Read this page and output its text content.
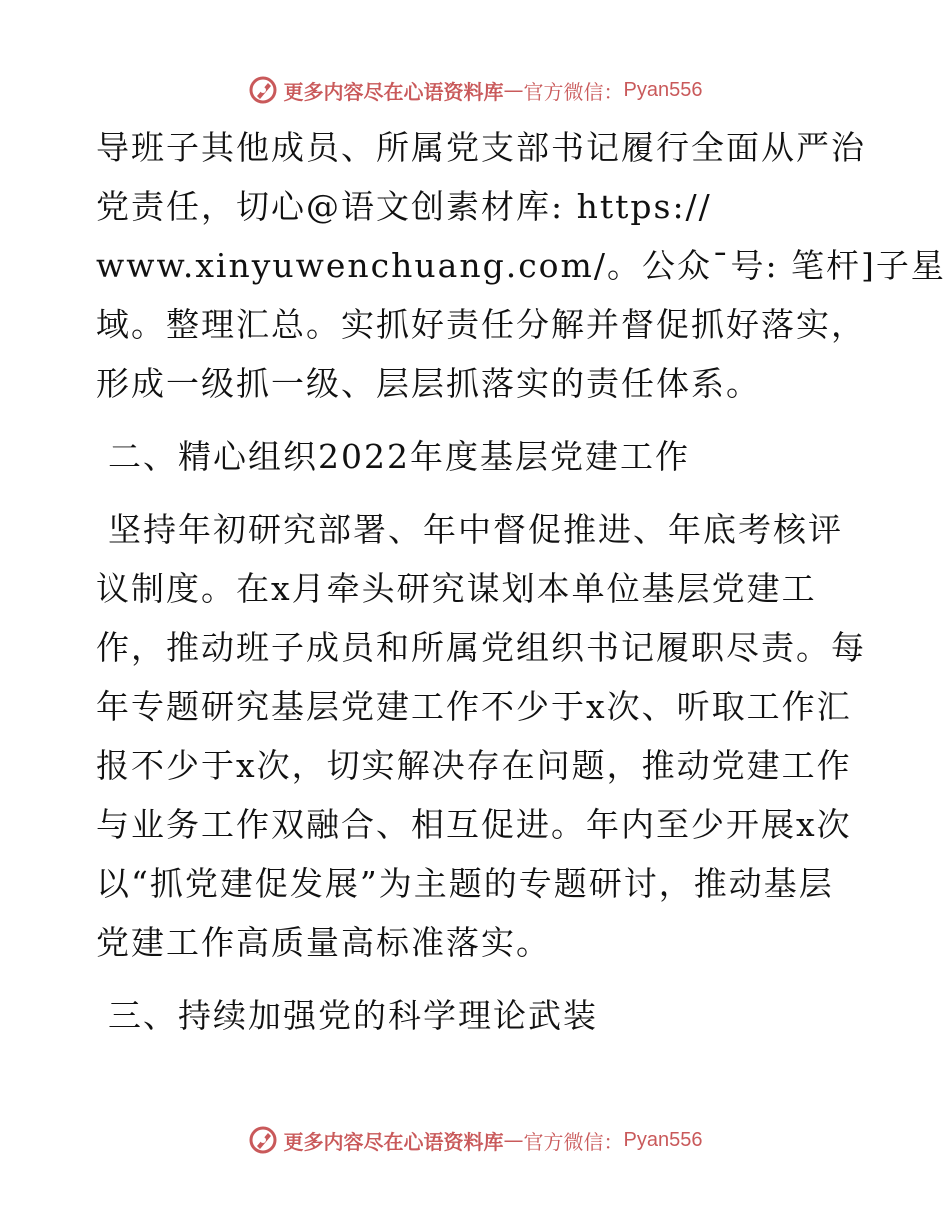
更多内容尽在心语资料库 — 官方微信： Pyan556
导班子其他成员、所属党支部书记履行全面从严治
党责任，切心@语文创素材库: https://
www.xinyuwenchuang.com/。公众¯号: 笔杆]子星
域。整理汇总。实抓好责任分解并督促抓好落实，
形成一级抓一级、层层抓落实的责任体系。
二、精心组织2022年度基层党建工作
坚持年初研究部署、年中督促推进、年底考核评
议制度。在x月牵头研究谋划本单位基层党建工
作，推动班子成员和所属党组织书记履职尽责。每
年专题研究基层党建工作不少于x次、听取工作汇
报不少于x次，切实解决存在问题，推动党建工作
与业务工作双融合、相互促进。年内至少开展x次
以“抓党建促发展”为主题的专题研讨，推动基层
党建工作高质量高标准落实。
三、持续加强党的科学理论武装
更多内容尽在心语资料库 — 官方微信： Pyan556
